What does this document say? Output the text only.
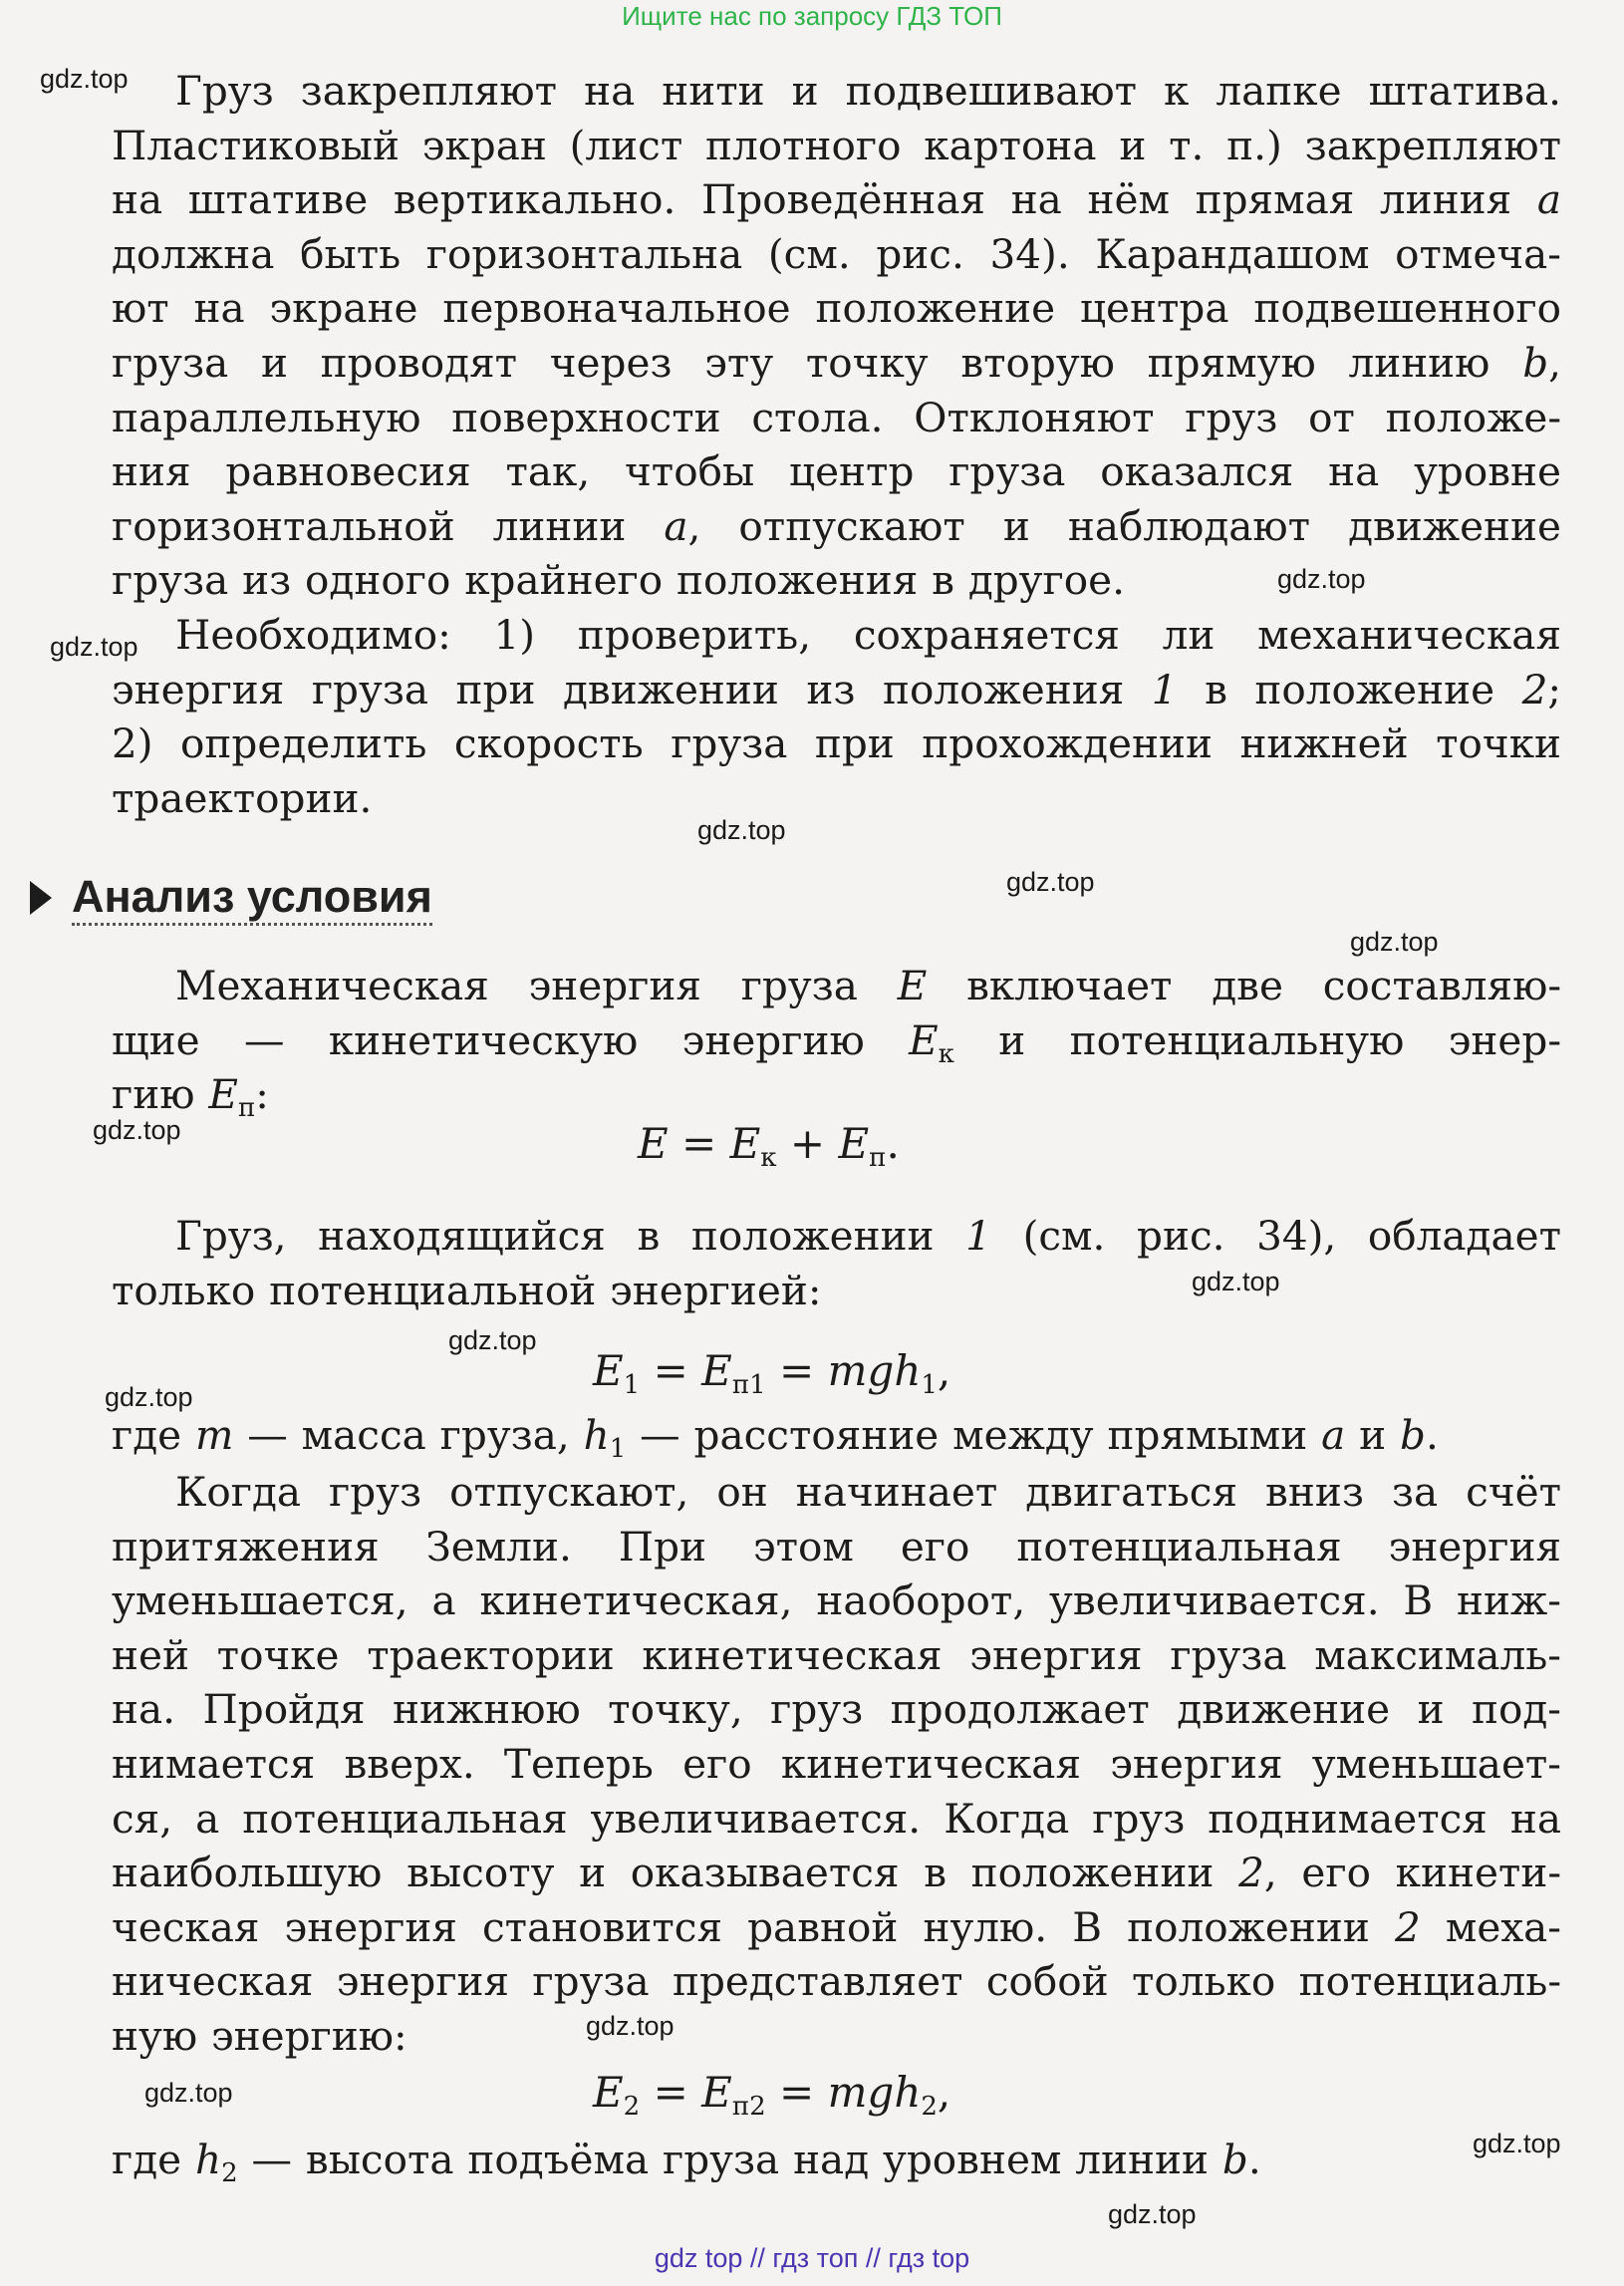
Ищите нас по запросу ГДЗ ТОП
Груз закрепляют на нити и подвешивают к лапке штатива.
Пластиковый экран (лист плотного картона и т. п.) закрепляют
на штативе вертикально. Проведённая на нём прямая линия a
должна быть горизонтальна (см. рис. 34). Карандашом отмеча-
ют на экране первоначальное положение центра подвешенного
груза и проводят через эту точку вторую прямую линию b,
параллельную поверхности стола. Отклоняют груз от положе-
ния равновесия так, чтобы центр груза оказался на уровне
горизонтальной линии a, отпускают и наблюдают движение
груза из одного крайнего положения в другое.
Необходимо: 1) проверить, сохраняется ли механическая
энергия груза при движении из положения 1 в положение 2;
2) определить скорость груза при прохождении нижней точки
траектории.
Анализ условия
Механическая энергия груза E включает две составляю-
щие — кинетическую энергию $E_к$ и потенциальную энер-
гию $E_п$:
$E = E_к + E_п$.
Груз, находящийся в положении 1 (см. рис. 34), обладает
только потенциальной энергией:
$E_1 = E_{п1} = mgh_1$,
где m — масса груза, $h_1$ — расстояние между прямыми a и b.
Когда груз отпускают, он начинает двигаться вниз за счёт
притяжения Земли. При этом его потенциальная энергия
уменьшается, а кинетическая, наоборот, увеличивается. В ниж-
ней точке траектории кинетическая энергия груза максималь-
на. Пройдя нижнюю точку, груз продолжает движение и под-
нимается вверх. Теперь его кинетическая энергия уменьшает-
ся, а потенциальная увеличивается. Когда груз поднимается на
наибольшую высоту и оказывается в положении 2, его кинети-
ческая энергия становится равной нулю. В положении 2 меха-
ническая энергия груза представляет собой только потенциаль-
ную энергию:
$E_2 = E_{п2} = mgh_2$,
где $h_2$ — высота подъёма груза над уровнем линии b.
gdz.top
gdz.top
gdz.top
gdz.top
gdz.top
gdz.top
gdz.top
gdz.top
gdz.top
gdz.top
gdz.top
gdz.top
gdz.top
gdz.top
gdz top // гдз топ // гдз top
